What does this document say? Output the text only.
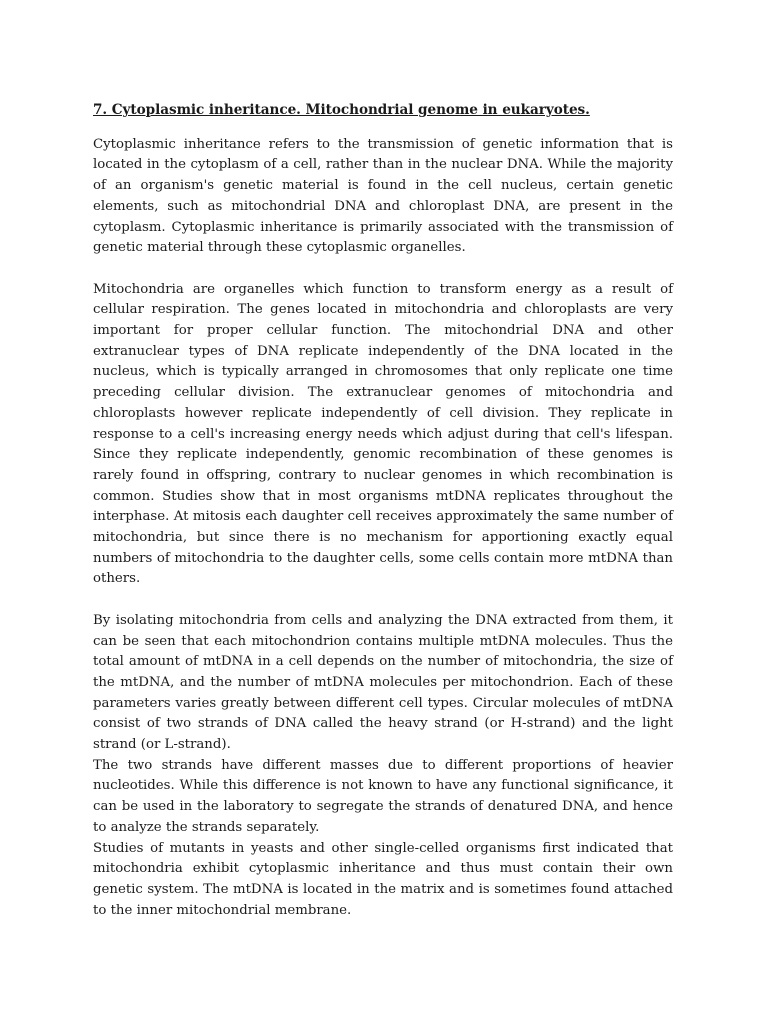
7. Cytoplasmic inheritance. Mitochondrial genome in eukaryotes.

Cytoplasmic inheritance refers to the transmission of genetic information that is located in the cytoplasm of a cell, rather than in the nuclear DNA. While the majority of an organism's genetic material is found in the cell nucleus, certain genetic elements, such as mitochondrial DNA and chloroplast DNA, are present in the cytoplasm. Cytoplasmic inheritance is primarily associated with the transmission of genetic material through these cytoplasmic organelles.

Mitochondria are organelles which function to transform energy as a result of cellular respiration. The genes located in mitochondria and chloroplasts are very important for proper cellular function. The mitochondrial DNA and other extranuclear types of DNA replicate independently of the DNA located in the nucleus, which is typically arranged in chromosomes that only replicate one time preceding cellular division. The extranuclear genomes of mitochondria and chloroplasts however replicate independently of cell division. They replicate in response to a cell's increasing energy needs which adjust during that cell's lifespan. Since they replicate independently, genomic recombination of these genomes is rarely found in offspring, contrary to nuclear genomes in which recombination is common. Studies show that in most organisms mtDNA replicates throughout the interphase. At mitosis each daughter cell receives approximately the same number of mitochondria, but since there is no mechanism for apportioning exactly equal numbers of mitochondria to the daughter cells, some cells contain more mtDNA than others.

By isolating mitochondria from cells and analyzing the DNA extracted from them, it can be seen that each mitochondrion contains multiple mtDNA molecules. Thus the total amount of mtDNA in a cell depends on the number of mitochondria, the size of the mtDNA, and the number of mtDNA molecules per mitochondrion. Each of these parameters varies greatly between different cell types. Circular molecules of mtDNA consist of two strands of DNA called the heavy strand (or H-strand) and the light strand (or L-strand).

The two strands have different masses due to different proportions of heavier nucleotides. While this difference is not known to have any functional significance, it can be used in the laboratory to segregate the strands of denatured DNA, and hence to analyze the strands separately.

Studies of mutants in yeasts and other single-celled organisms first indicated that mitochondria exhibit cytoplasmic inheritance and thus must contain their own genetic system. The mtDNA is located in the matrix and is sometimes found attached to the inner mitochondrial membrane.
